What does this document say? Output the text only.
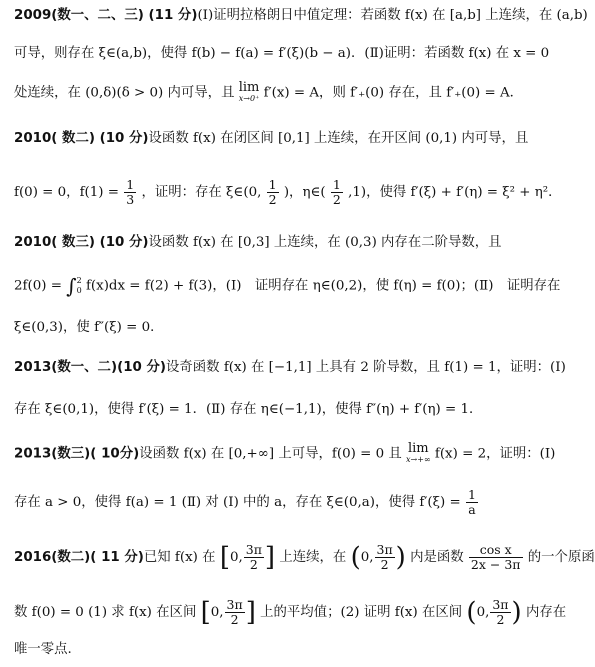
2009(数一、二、三) (11 分)(Ⅰ)证明拉格朗日中值定理：若函数 f(x) 在 [a,b] 上连续，在 (a,b)
可导，则存在 ξ∈(a,b)，使得 f(b) − f(a) = f′(ξ)(b − a)．(Ⅱ)证明：若函数 f(x) 在 x = 0
处连续，在 (0,δ)(δ > 0) 内可导，且 lim
x→0⁺ f′(x) = A，则 f′₊(0) 存在，且 f′₊(0) = A．
2010( 数二) (10 分)设函数 f(x) 在闭区间 [0,1] 上连续，在开区间 (0,1) 内可导，且
f(0) = 0，$f(1) = \frac{1}{3}$ ，证明：存在 ξ∈(0, $\frac{1}{2}$ )，η∈( $\frac{1}{2} ,1$)，使得 f′(ξ) + f′(η) = ξ² + η²．
2010( 数三) (10 分)设函数 f(x) 在 [0,3] 上连续，在 (0,3) 内存在二阶导数，且
2f(0) = ∫ 2
0 f(x)dx = f(2) + f(3)，(Ⅰ)　证明存在 η∈(0,2)，使 f(η) = f(0)；(Ⅱ)　证明存在
ξ∈(0,3)，使 f″(ξ) = 0．
2013(数一、二)(10 分)设奇函数 f(x) 在 [−1,1] 上具有 2 阶导数，且 f(1) = 1，证明：(Ⅰ)
存在 ξ∈(0,1)，使得 f′(ξ) = 1．(Ⅱ) 存在 η∈(−1,1)，使得 f″(η) + f′(η) = 1．
2013(数三)( 10分)设函数 f(x) 在 [0,+∞] 上可导，f(0) = 0 且 lim
x→+∞ f(x) = 2，证明：(Ⅰ)
存在 a > 0，使得 f(a) = 1 (Ⅱ) 对 (Ⅰ) 中的 a，存在 ξ∈(0,a)，使得 $f'(\xi) = \frac{1}{a}$
2016(数二)( 11 分)已知 f(x) 在 [0, $\frac{3\pi}{2}$ ] 上连续，在 (0, $\frac{3\pi}{2}$ ) 内是函数 $\frac{\text{cos x}}{2x - 3\pi}$ 的一个原函
数 f(0) = 0 (1) 求 f(x) 在区间 [0, $\frac{3\pi}{2}$ ] 上的平均值；(2) 证明 f(x) 在区间 (0, $\frac{3\pi}{2}$ ) 内存在
唯一零点.
